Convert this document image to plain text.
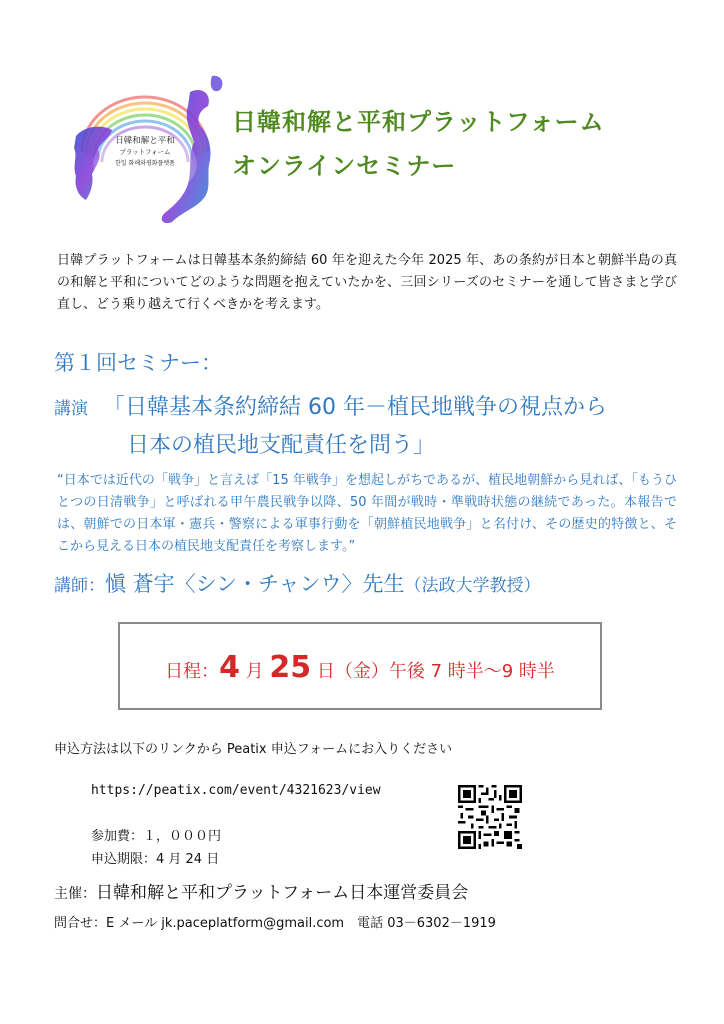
日韓和解と平和
プラットフォーム
한일 화해와평화플랫폼
日韓和解と平和プラットフォーム
オンラインセミナー
日韓プラットフォームは日韓基本条約締結 60 年を迎えた今年 2025 年、あの条約が日本と朝鮮半島の真の和解と平和についてどのような問題を抱えていたかを、三回シリーズのセミナーを通して皆さまと学び直し、どう乗り越えて行くべきかを考えます。
第１回セミナー：
講演 「日韓基本条約締結 60 年－植民地戦争の視点から
日本の植民地支配責任を問う」
“日本では近代の「戦争」と言えば「15 年戦争」を想起しがちであるが、植民地朝鮮から見れば、「もうひとつの日清戦争」と呼ばれる甲午農民戦争以降、50 年間が戦時・準戦時状態の継続であった。本報告では、朝鮮での日本軍・憲兵・警察による軍事行動を「朝鮮植民地戦争」と名付け、その歴史的特徴と、そこから見える日本の植民地支配責任を考察します。”
講師：愼 蒼宇〈シン・チャンウ〉先生（法政大学教授）
日程：4 月 25 日（金）午後 7 時半～9 時半
申込方法は以下のリンクから Peatix 申込フォームにお入りください
https://peatix.com/event/4321623/view
参加費：１，０００円
申込期限：4 月 24 日
主催：日韓和解と平和プラットフォーム日本運営委員会
問合せ：E メール jk.paceplatform@gmail.com　電話 03－6302－1919
